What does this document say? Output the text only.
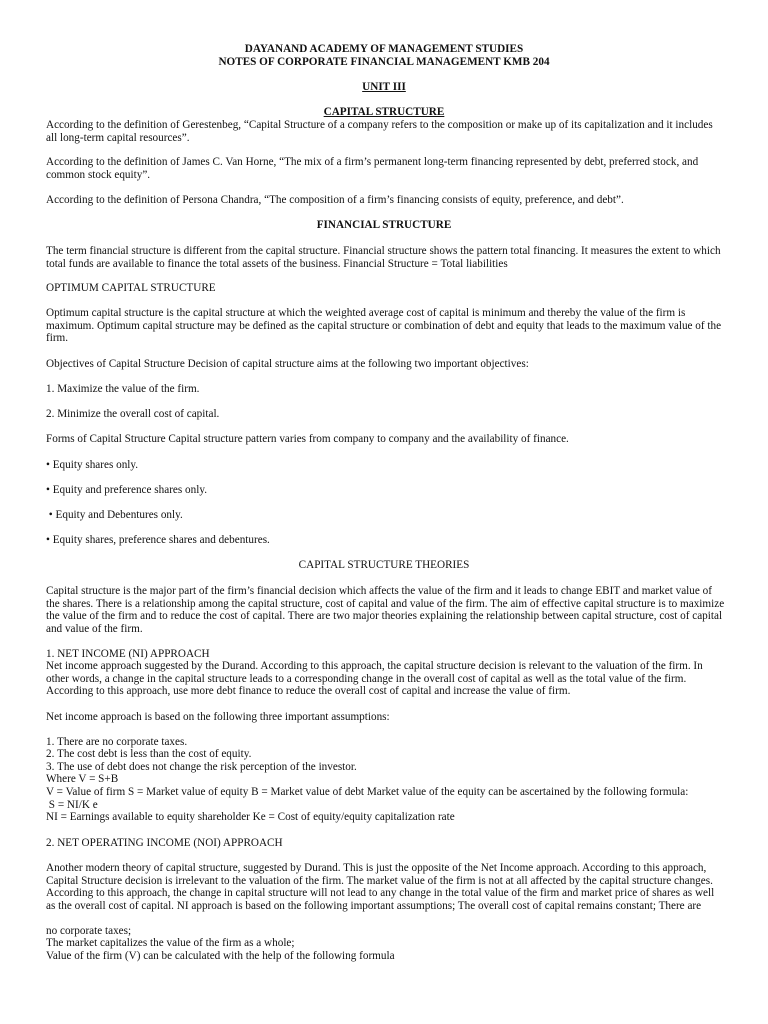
DAYANAND ACADEMY OF MANAGEMENT STUDIES

NOTES OF CORPORATE FINANCIAL MANAGEMENT KMB 204

UNIT III

CAPITAL STRUCTURE

According to the definition of Gerestenbeg, “Capital Structure of a company refers to the composition or make up of its capitalization and it includes all long-term capital resources”.

According to the definition of James C. Van Horne, “The mix of a firm’s permanent long-term financing represented by debt, preferred stock, and common stock equity”.

According to the definition of Persona Chandra, “The composition of a firm’s financing consists of equity, preference, and debt”.

FINANCIAL STRUCTURE

The term financial structure is different from the capital structure. Financial structure shows the pattern total financing. It measures the extent to which total funds are available to finance the total assets of the business. Financial Structure = Total liabilities

OPTIMUM CAPITAL STRUCTURE

Optimum capital structure is the capital structure at which the weighted average cost of capital is minimum and thereby the value of the firm is maximum. Optimum capital structure may be defined as the capital structure or combination of debt and equity that leads to the maximum value of the firm.

Objectives of Capital Structure Decision of capital structure aims at the following two important objectives:

1. Maximize the value of the firm.

2. Minimize the overall cost of capital.

Forms of Capital Structure Capital structure pattern varies from company to company and the availability of finance.

• Equity shares only.

• Equity and preference shares only.

• Equity and Debentures only.

• Equity shares, preference shares and debentures.

CAPITAL STRUCTURE THEORIES

Capital structure is the major part of the firm’s financial decision which affects the value of the firm and it leads to change EBIT and market value of the shares. There is a relationship among the capital structure, cost of capital and value of the firm. The aim of effective capital structure is to maximize the value of the firm and to reduce the cost of capital. There are two major theories explaining the relationship between capital structure, cost of capital and value of the firm.

1. NET INCOME (NI) APPROACH

Net income approach suggested by the Durand. According to this approach, the capital structure decision is relevant to the valuation of the firm. In other words, a change in the capital structure leads to a corresponding change in the overall cost of capital as well as the total value of the firm. According to this approach, use more debt finance to reduce the overall cost of capital and increase the value of firm.

Net income approach is based on the following three important assumptions:

1. There are no corporate taxes.

2. The cost debt is less than the cost of equity.

3. The use of debt does not change the risk perception of the investor.

Where V = S+B

V = Value of firm S = Market value of equity B = Market value of debt Market value of the equity can be ascertained by the following formula:

S = NI/K e

NI = Earnings available to equity shareholder Ke = Cost of equity/equity capitalization rate

2. NET OPERATING INCOME (NOI) APPROACH

Another modern theory of capital structure, suggested by Durand. This is just the opposite of the Net Income approach. According to this approach, Capital Structure decision is irrelevant to the valuation of the firm. The market value of the firm is not at all affected by the capital structure changes. According to this approach, the change in capital structure will not lead to any change in the total value of the firm and market price of shares as well as the overall cost of capital. NI approach is based on the following important assumptions; The overall cost of capital remains constant; There are

no corporate taxes;

The market capitalizes the value of the firm as a whole;

Value of the firm (V) can be calculated with the help of the following formula
